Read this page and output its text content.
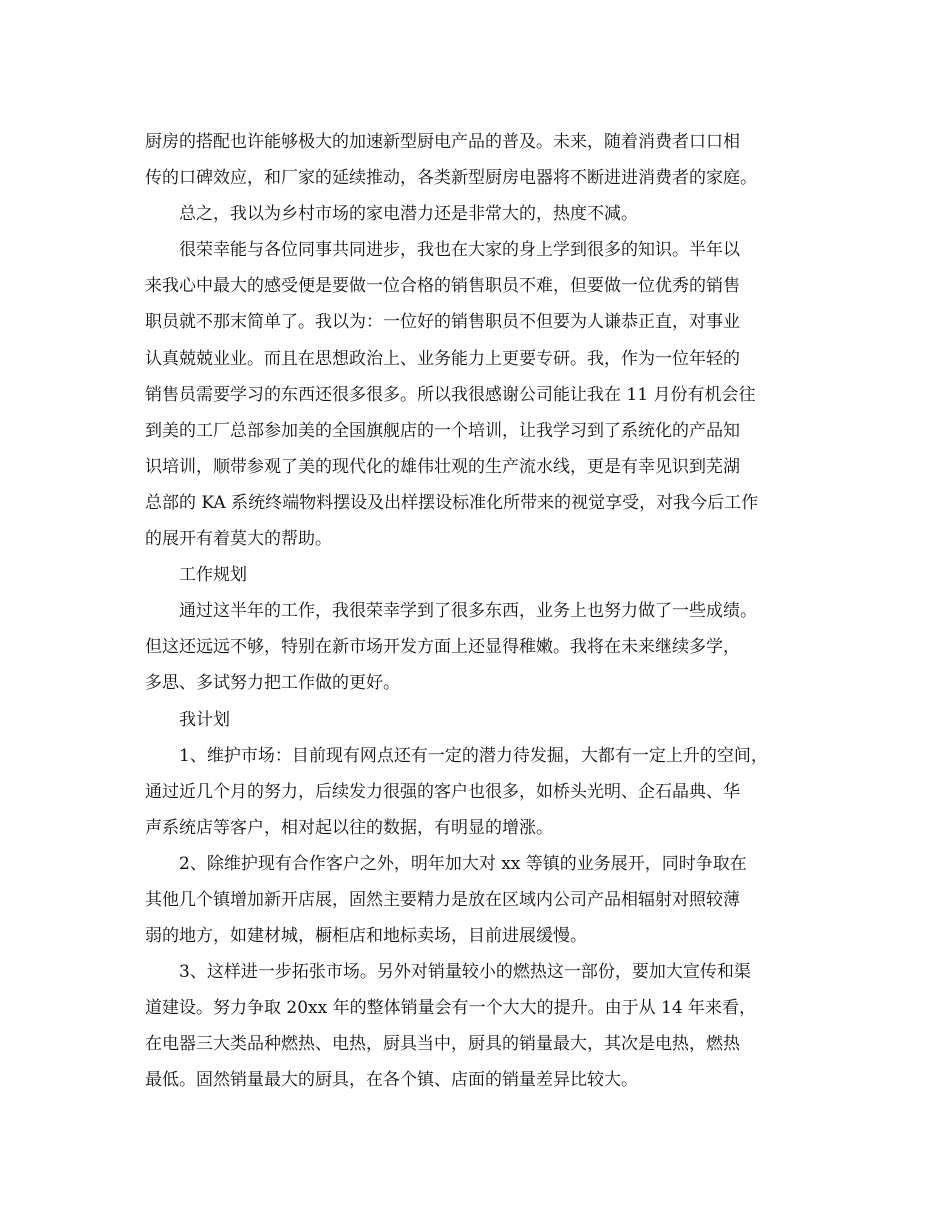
厨房的搭配也许能够极大的加速新型厨电产品的普及。未来，随着消费者口口相
传的口碑效应，和厂家的延续推动，各类新型厨房电器将不断进进消费者的家庭。
总之，我以为乡村市场的家电潜力还是非常大的，热度不减。
很荣幸能与各位同事共同进步，我也在大家的身上学到很多的知识。半年以
来我心中最大的感受便是要做一位合格的销售职员不难，但要做一位优秀的销售
职员就不那末简单了。我以为：一位好的销售职员不但要为人谦恭正直，对事业
认真兢兢业业。而且在思想政治上、业务能力上更要专研。我，作为一位年轻的
销售员需要学习的东西还很多很多。所以我很感谢公司能让我在 11 月份有机会往
到美的工厂总部参加美的全国旗舰店的一个培训，让我学习到了系统化的产品知
识培训，顺带参观了美的现代化的雄伟壮观的生产流水线，更是有幸见识到芜湖
总部的 KA 系统终端物料摆设及出样摆设标准化所带来的视觉享受，对我今后工作
的展开有着莫大的帮助。
工作规划
通过这半年的工作，我很荣幸学到了很多东西，业务上也努力做了一些成绩。
但这还远远不够，特别在新市场开发方面上还显得稚嫩。我将在未来继续多学，
多思、多试努力把工作做的更好。
我计划
1、维护市场：目前现有网点还有一定的潜力待发掘，大都有一定上升的空间，
通过近几个月的努力，后续发力很强的客户也很多，如桥头光明、企石晶典、华
声系统店等客户，相对起以往的数据，有明显的增涨。
2、除维护现有合作客户之外，明年加大对 xx 等镇的业务展开，同时争取在
其他几个镇增加新开店展，固然主要精力是放在区域内公司产品相辐射对照较薄
弱的地方，如建材城，橱柜店和地标卖场，目前进展缓慢。
3、这样进一步拓张市场。另外对销量较小的燃热这一部份，要加大宣传和渠
道建设。努力争取 20xx 年的整体销量会有一个大大的提升。由于从 14 年来看，
在电器三大类品种燃热、电热，厨具当中，厨具的销量最大，其次是电热，燃热
最低。固然销量最大的厨具，在各个镇、店面的销量差异比较大。
